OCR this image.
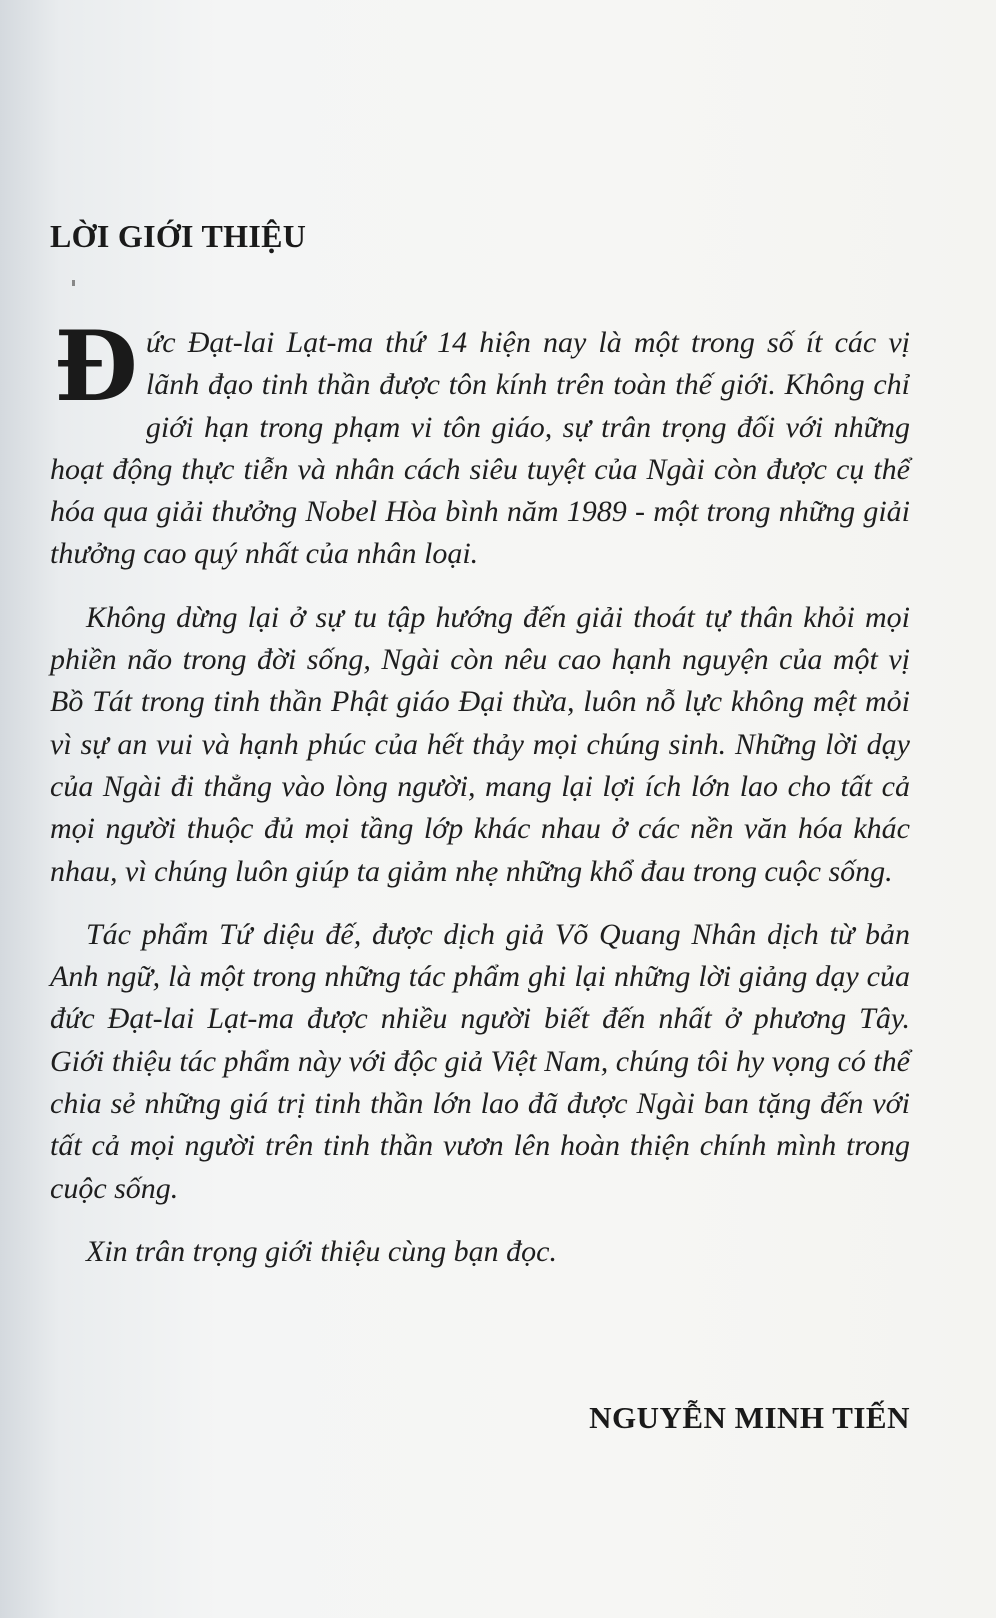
LỜI GIỚI THIỆU

Đức Đạt-lai Lạt-ma thứ 14 hiện nay là một trong số ít các vị lãnh đạo tinh thần được tôn kính trên toàn thế giới. Không chỉ giới hạn trong phạm vi tôn giáo, sự trân trọng đối với những hoạt động thực tiễn và nhân cách siêu tuyệt của Ngài còn được cụ thể hóa qua giải thưởng Nobel Hòa bình năm 1989 - một trong những giải thưởng cao quý nhất của nhân loại.

Không dừng lại ở sự tu tập hướng đến giải thoát tự thân khỏi mọi phiền não trong đời sống, Ngài còn nêu cao hạnh nguyện của một vị Bồ Tát trong tinh thần Phật giáo Đại thừa, luôn nỗ lực không mệt mỏi vì sự an vui và hạnh phúc của hết thảy mọi chúng sinh. Những lời dạy của Ngài đi thẳng vào lòng người, mang lại lợi ích lớn lao cho tất cả mọi người thuộc đủ mọi tầng lớp khác nhau ở các nền văn hóa khác nhau, vì chúng luôn giúp ta giảm nhẹ những khổ đau trong cuộc sống.

Tác phẩm Tứ diệu đế, được dịch giả Võ Quang Nhân dịch từ bản Anh ngữ, là một trong những tác phẩm ghi lại những lời giảng dạy của đức Đạt-lai Lạt-ma được nhiều người biết đến nhất ở phương Tây. Giới thiệu tác phẩm này với độc giả Việt Nam, chúng tôi hy vọng có thể chia sẻ những giá trị tinh thần lớn lao đã được Ngài ban tặng đến với tất cả mọi người trên tinh thần vươn lên hoàn thiện chính mình trong cuộc sống.

Xin trân trọng giới thiệu cùng bạn đọc.

NGUYỄN MINH TIẾN
